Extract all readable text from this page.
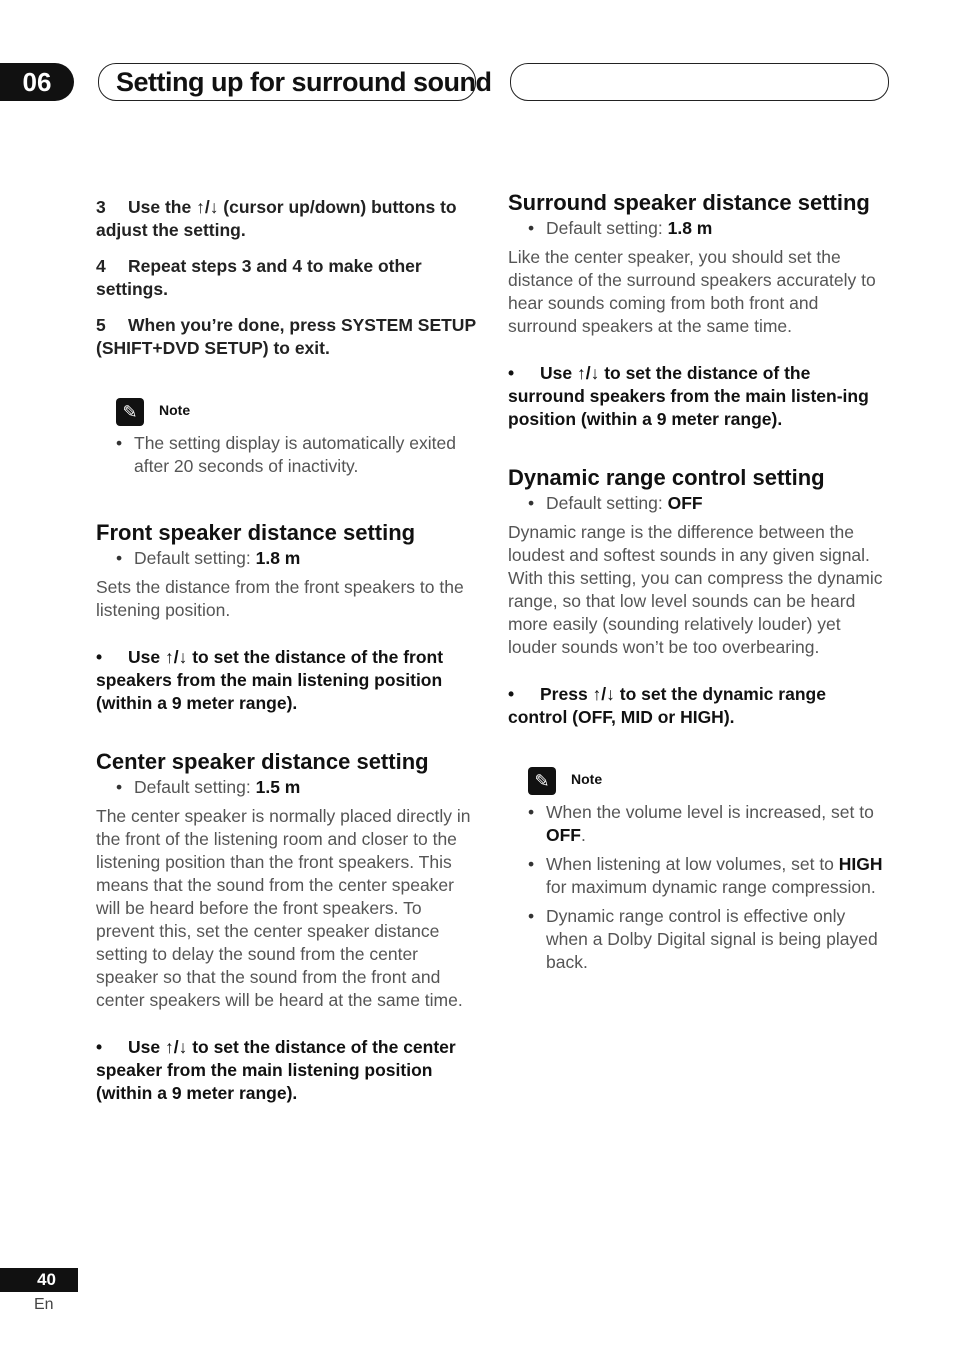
06	Setting up for surround sound

3 Use the ↑/↓ (cursor up/down) buttons to adjust the setting.

4 Repeat steps 3 and 4 to make other settings.

5 When you’re done, press SYSTEM SETUP (SHIFT+DVD SETUP) to exit.

✎	Note

• The setting display is automatically exited after 20 seconds of inactivity.

Front speaker distance setting

• Default setting: 1.8 m

Sets the distance from the front speakers to the listening position.

• Use ↑/↓ to set the distance of the front speakers from the main listening position (within a 9 meter range).

Center speaker distance setting

• Default setting: 1.5 m

The center speaker is normally placed directly in the front of the listening room and closer to the listening position than the front speakers. This means that the sound from the center speaker will be heard before the front speakers. To prevent this, set the center speaker distance setting to delay the sound from the center speaker so that the sound from the front and center speakers will be heard at the same time.

• Use ↑/↓ to set the distance of the center speaker from the main listening position (within a 9 meter range).

Surround speaker distance setting

• Default setting: 1.8 m

Like the center speaker, you should set the distance of the surround speakers accurately to hear sounds coming from both front and surround speakers at the same time.

• Use ↑/↓ to set the distance of the surround speakers from the main listen-ing position (within a 9 meter range).

Dynamic range control setting

• Default setting: OFF

Dynamic range is the difference between the loudest and softest sounds in any given signal. With this setting, you can compress the dynamic range, so that low level sounds can be heard more easily (sounding relatively louder) yet louder sounds won’t be too overbearing.

• Press ↑/↓ to set the dynamic range control (OFF, MID or HIGH).

✎	Note

• When the volume level is increased, set to OFF.

• When listening at low volumes, set to HIGH for maximum dynamic range compression.

• Dynamic range control is effective only when a Dolby Digital signal is being played back.

40
En
